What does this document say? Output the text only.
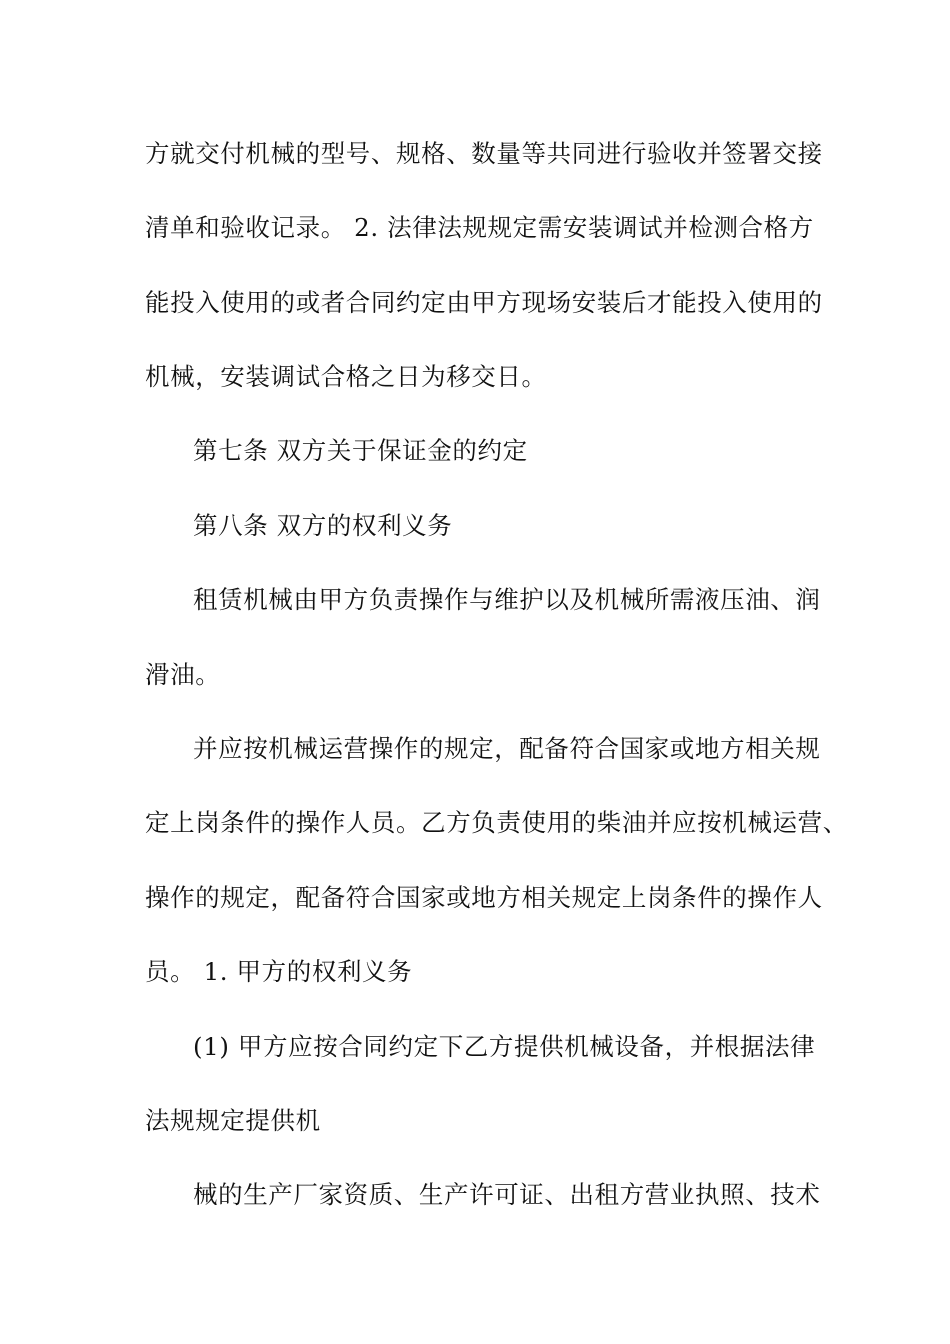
方就交付机械的型号、规格、数量等共同进行验收并签署交接
清单和验收记录。 2. 法律法规规定需安装调试并检测合格方
能投入使用的或者合同约定由甲方现场安装后才能投入使用的
机械，安装调试合格之日为移交日。
第七条 双方关于保证金的约定
第八条 双方的权利义务
租赁机械由甲方负责操作与维护以及机械所需液压油、润
滑油。
并应按机械运营操作的规定，配备符合国家或地方相关规
定上岗条件的操作人员。乙方负责使用的柴油并应按机械运营、
操作的规定，配备符合国家或地方相关规定上岗条件的操作人
员。 1. 甲方的权利义务
(1) 甲方应按合同约定下乙方提供机械设备，并根据法律
法规规定提供机
械的生产厂家资质、生产许可证、出租方营业执照、技术
